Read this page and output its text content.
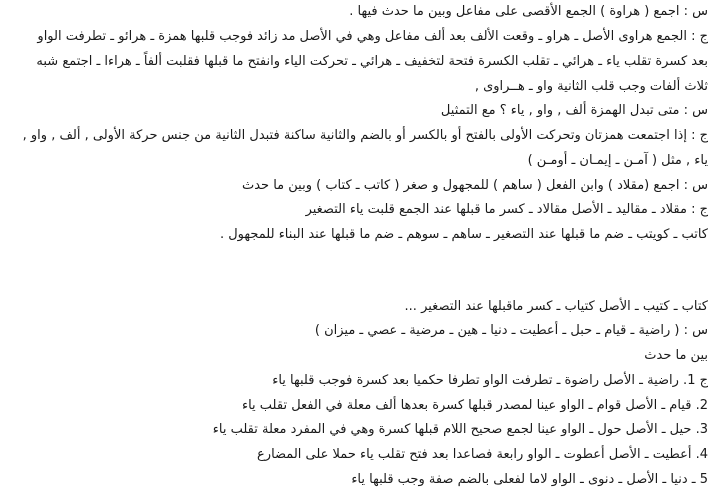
س : اجمع ( هراوة ) الجمع الأقصى على مفاعل وبين ما حدث فيها .
ج : الجمع هراوى الأصل ـ هراو ـ وقعت الألف بعد ألف مفاعل وهي في الأصل مد زائد فوجب قلبها همزة ـ هرائو ـ تطرفت الواو
بعد كسرة تقلب ياء ـ هرائي ـ تقلب الكسرة فتحة لتخفيف ـ هرائي ـ تحركت الياء وانفتح ما قبلها فقلبت ألفاً ـ هراءا ـ اجتمع شبه
ثلاث ألفات وجب قلب الثانية واو ـ هــراوى ,
س : متى تبدل الهمزة ألف , واو , ياء ؟ مع التمثيل
ج : إذا اجتمعت همزتان وتحركت الأولى بالفتح أو بالكسر أو بالضم والثانية ساكنة فتبدل الثانية من جنس حركة الأولى , ألف , واو ,
ياء , مثل ( آمـن ـ إيمـان ـ أومـن )
س : اجمع (مقلاد ) وابن الفعل ( ساهم ) للمجهول و صغر ( كاتب ـ كتاب ) وبين ما حدث
ج : مقلاد ـ مقاليد ـ الأصل مقالاد ـ كسر ما قبلها عند الجمع قلبت ياء التصغير
كاتب ـ كويتب ـ ضم ما قبلها عند التصغير ـ ساهم ـ سوهم ـ ضم ما قبلها عند البناء للمجهول .
كتاب ـ كتيب ـ الأصل كتياب ـ كسر ماقبلها عند التصغير ...
س : ( راضية ـ قيام ـ حبل ـ أعطيت ـ دنيا ـ هين ـ مرضية ـ عصي ـ ميزان )
بين ما حدث
ج 1. راضية ـ الأصل راضوة ـ تطرفت الواو تطرفا حكميا بعد كسرة فوجب قلبها ياء
2. قيام ـ الأصل قوام ـ الواو عينا لمصدر قبلها كسرة بعدها ألف معلة في الفعل تقلب ياء
3. حيل ـ الأصل حول ـ الواو عينا لجمع صحيح اللام قبلها كسرة وهي في المفرد معلة تقلب ياء
4. أعطيت ـ الأصل أعطوت ـ الواو رابعة فصاعدا بعد فتح تقلب ياء حملا على المضارع
5 ـ دنيا ـ الأصل ـ دنوى ـ الواو لاما لفعلى بالضم صفة وجب قلبها ياء
